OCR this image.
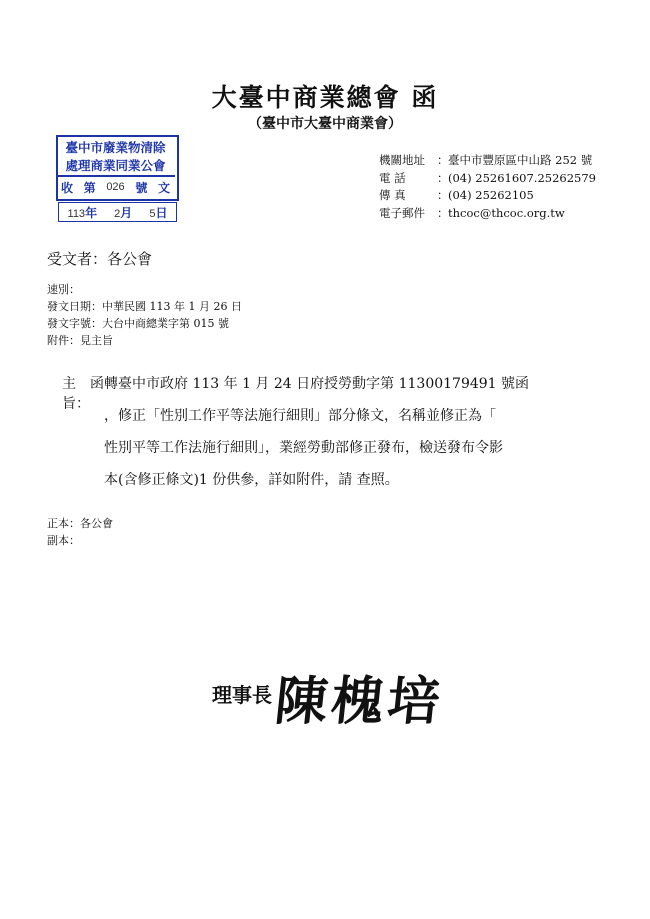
大臺中商業總會 函
（臺中市大臺中商業會）
臺中市廢業物清除
處理商業同業公會
收 第 026 號 文
113年 2月 5日
機關地址	： 臺中市豐原區中山路 252 號
電 話	： (04) 25261607.25262579
傳 真	： (04) 25262105
電子郵件	： thcoc@thcoc.org.tw
受文者：各公會
速別：
發文日期：中華民國 113 年 1 月 26 日
發文字號：大台中商總業字第 015 號
附件：見主旨
主旨：
函轉臺中市政府 113 年 1 月 24 日府授勞動字第 11300179491 號函
，修正「性別工作平等法施行細則」部分條文，名稱並修正為「
性別平等工作法施行細則」，業經勞動部修正發布，檢送發布令影
本(含修正條文)1 份供參，詳如附件，請 查照。
正本：各公會
副本：
理事長 陳槐培
